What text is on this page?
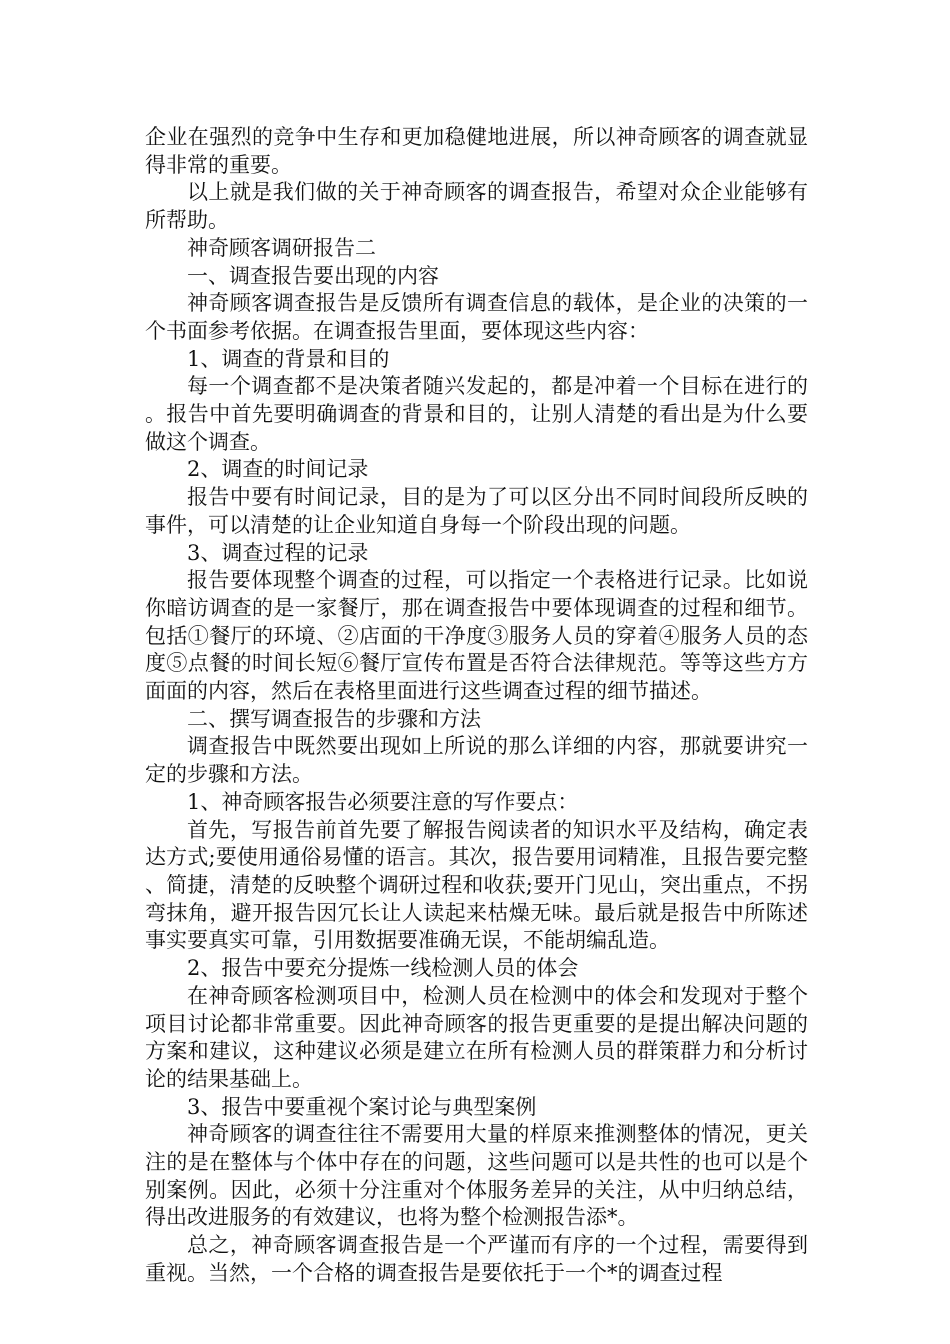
企业在强烈的竞争中生存和更加稳健地进展，所以神奇顾客的调查就显得非常的重要。

以上就是我们做的关于神奇顾客的调查报告，希望对众企业能够有所帮助。

神奇顾客调研报告二

一、调查报告要出现的内容

神奇顾客调查报告是反馈所有调查信息的载体，是企业的决策的一个书面参考依据。在调查报告里面，要体现这些内容：

1、调查的背景和目的

每一个调查都不是决策者随兴发起的，都是冲着一个目标在进行的。报告中首先要明确调查的背景和目的，让别人清楚的看出是为什么要做这个调查。

2、调查的时间记录

报告中要有时间记录，目的是为了可以区分出不同时间段所反映的事件，可以清楚的让企业知道自身每一个阶段出现的问题。

3、调查过程的记录

报告要体现整个调查的过程，可以指定一个表格进行记录。比如说你暗访调查的是一家餐厅，那在调查报告中要体现调查的过程和细节。包括①餐厅的环境、②店面的干净度③服务人员的穿着④服务人员的态度⑤点餐的时间长短⑥餐厅宣传布置是否符合法律规范。等等这些方方面面的内容，然后在表格里面进行这些调查过程的细节描述。

二、撰写调查报告的步骤和方法

调查报告中既然要出现如上所说的那么详细的内容，那就要讲究一定的步骤和方法。

1、神奇顾客报告必须要注意的写作要点：

首先，写报告前首先要了解报告阅读者的知识水平及结构，确定表达方式;要使用通俗易懂的语言。其次，报告要用词精准，且报告要完整、简捷，清楚的反映整个调研过程和收获;要开门见山，突出重点，不拐弯抹角，避开报告因冗长让人读起来枯燥无味。最后就是报告中所陈述事实要真实可靠，引用数据要准确无误，不能胡编乱造。

2、报告中要充分提炼一线检测人员的体会

在神奇顾客检测项目中，检测人员在检测中的体会和发现对于整个项目讨论都非常重要。因此神奇顾客的报告更重要的是提出解决问题的方案和建议，这种建议必须是建立在所有检测人员的群策群力和分析讨论的结果基础上。

3、报告中要重视个案讨论与典型案例

神奇顾客的调查往往不需要用大量的样原来推测整体的情况，更关注的是在整体与个体中存在的问题，这些问题可以是共性的也可以是个别案例。因此，必须十分注重对个体服务差异的关注，从中归纳总结，得出改进服务的有效建议，也将为整个检测报告添*。

总之，神奇顾客调查报告是一个严谨而有序的一个过程，需要得到重视。当然，一个合格的调查报告是要依托于一个*的调查过程
